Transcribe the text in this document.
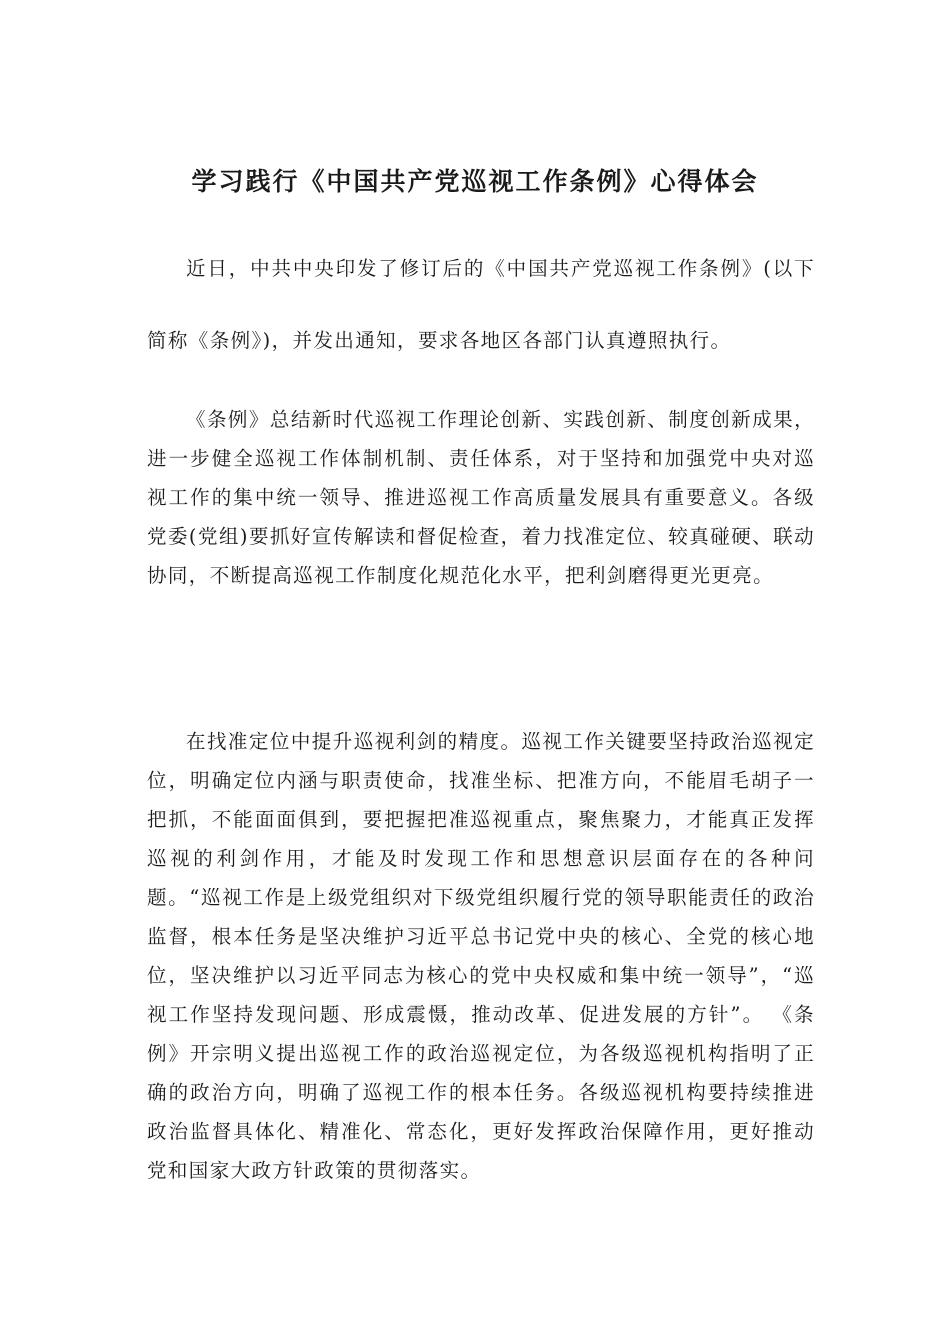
学习践行《中国共产党巡视工作条例》心得体会

近日，中共中央印发了修订后的《中国共产党巡视工作条例》(以下简称《条例》)，并发出通知，要求各地区各部门认真遵照执行。

《条例》总结新时代巡视工作理论创新、实践创新、制度创新成果，进一步健全巡视工作体制机制、责任体系，对于坚持和加强党中央对巡视工作的集中统一领导、推进巡视工作高质量发展具有重要意义。各级党委(党组)要抓好宣传解读和督促检查，着力找准定位、较真碰硬、联动协同，不断提高巡视工作制度化规范化水平，把利剑磨得更光更亮。

在找准定位中提升巡视利剑的精度。巡视工作关键要坚持政治巡视定位，明确定位内涵与职责使命，找准坐标、把准方向，不能眉毛胡子一把抓，不能面面俱到，要把握把准巡视重点，聚焦聚力，才能真正发挥巡视的利剑作用，才能及时发现工作和思想意识层面存在的各种问题。“巡视工作是上级党组织对下级党组织履行党的领导职能责任的政治监督，根本任务是坚决维护习近平总书记党中央的核心、全党的核心地位，坚决维护以习近平同志为核心的党中央权威和集中统一领导”，“巡视工作坚持发现问题、形成震慑，推动改革、促进发展的方针”。 《条例》开宗明义提出巡视工作的政治巡视定位，为各级巡视机构指明了正确的政治方向，明确了巡视工作的根本任务。各级巡视机构要持续推进政治监督具体化、精准化、常态化，更好发挥政治保障作用，更好推动党和国家大政方针政策的贯彻落实。
